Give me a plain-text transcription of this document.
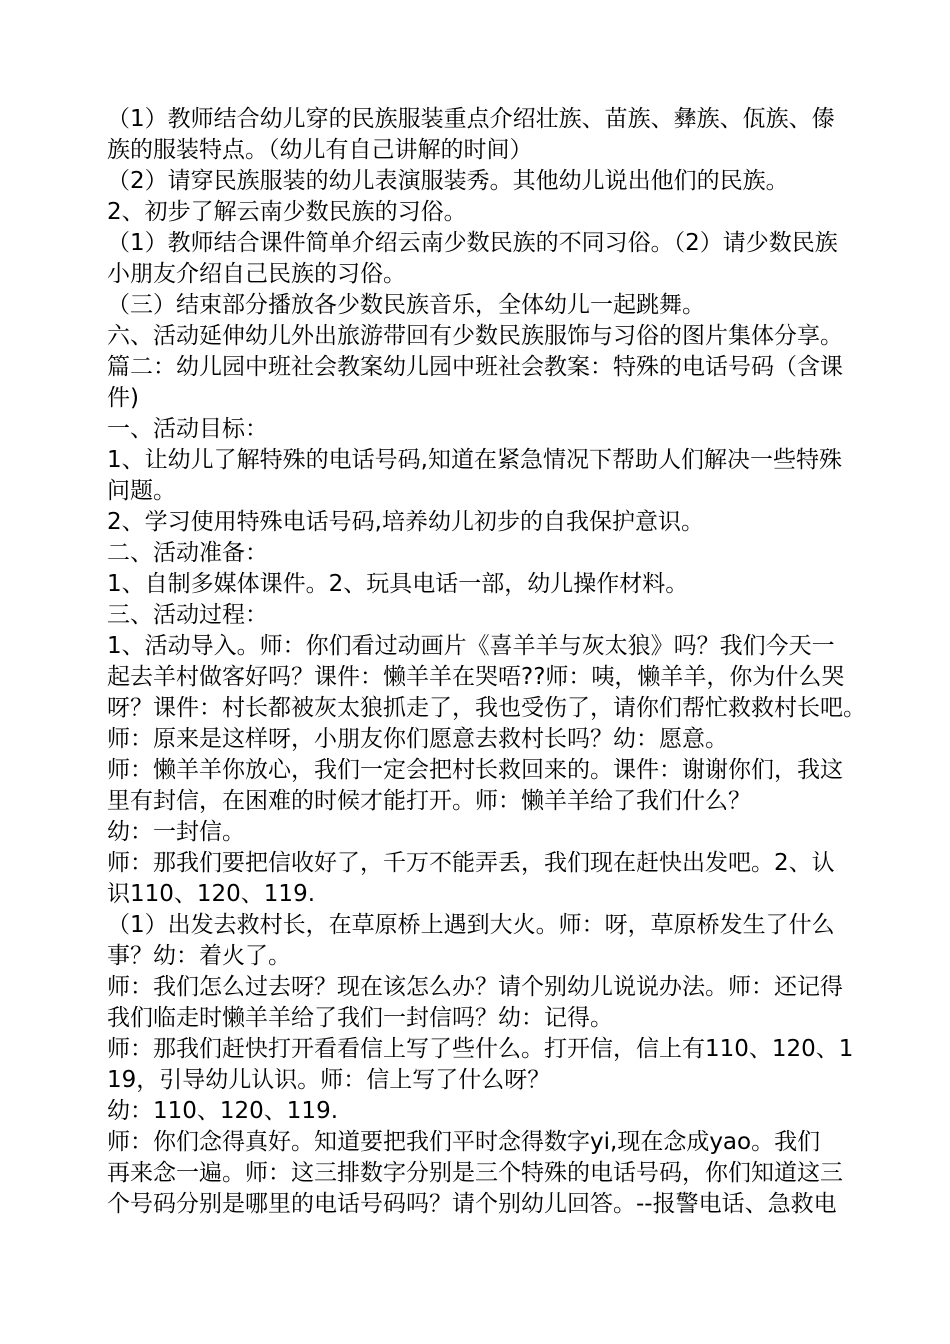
（1）教师结合幼儿穿的民族服装重点介绍壮族、苗族、彝族、佤族、傣
族的服装特点。（幼儿有自己讲解的时间）
（2）请穿民族服装的幼儿表演服装秀。其他幼儿说出他们的民族。
2、初步了解云南少数民族的习俗。
（1）教师结合课件简单介绍云南少数民族的不同习俗。（2）请少数民族
小朋友介绍自己民族的习俗。
（三）结束部分播放各少数民族音乐，全体幼儿一起跳舞。
六、活动延伸幼儿外出旅游带回有少数民族服饰与习俗的图片集体分享。
篇二：幼儿园中班社会教案幼儿园中班社会教案：特殊的电话号码（含课
件)
一、活动目标：
1、让幼儿了解特殊的电话号码,知道在紧急情况下帮助人们解决一些特殊
问题。
2、学习使用特殊电话号码,培养幼儿初步的自我保护意识。
二、活动准备：
1、自制多媒体课件。2、玩具电话一部，幼儿操作材料。
三、活动过程：
1、活动导入。师：你们看过动画片《喜羊羊与灰太狼》吗？我们今天一
起去羊村做客好吗？课件：懒羊羊在哭唔??师：咦，懒羊羊，你为什么哭
呀？课件：村长都被灰太狼抓走了，我也受伤了，请你们帮忙救救村长吧。
师：原来是这样呀，小朋友你们愿意去救村长吗？幼：愿意。
师：懒羊羊你放心，我们一定会把村长救回来的。课件：谢谢你们，我这
里有封信，在困难的时候才能打开。师：懒羊羊给了我们什么？
幼：一封信。
师：那我们要把信收好了，千万不能弄丢，我们现在赶快出发吧。2、认
识110、120、119.
（1）出发去救村长，在草原桥上遇到大火。师：呀，草原桥发生了什么
事？幼：着火了。
师：我们怎么过去呀？现在该怎么办？请个别幼儿说说办法。师：还记得
我们临走时懒羊羊给了我们一封信吗？幼：记得。
师：那我们赶快打开看看信上写了些什么。打开信，信上有110、120、1
19，引导幼儿认识。师：信上写了什么呀？
幼：110、120、119.
师：你们念得真好。知道要把我们平时念得数字yi,现在念成yao。我们
再来念一遍。师：这三排数字分别是三个特殊的电话号码，你们知道这三
个号码分别是哪里的电话号码吗？请个别幼儿回答。--报警电话、急救电
